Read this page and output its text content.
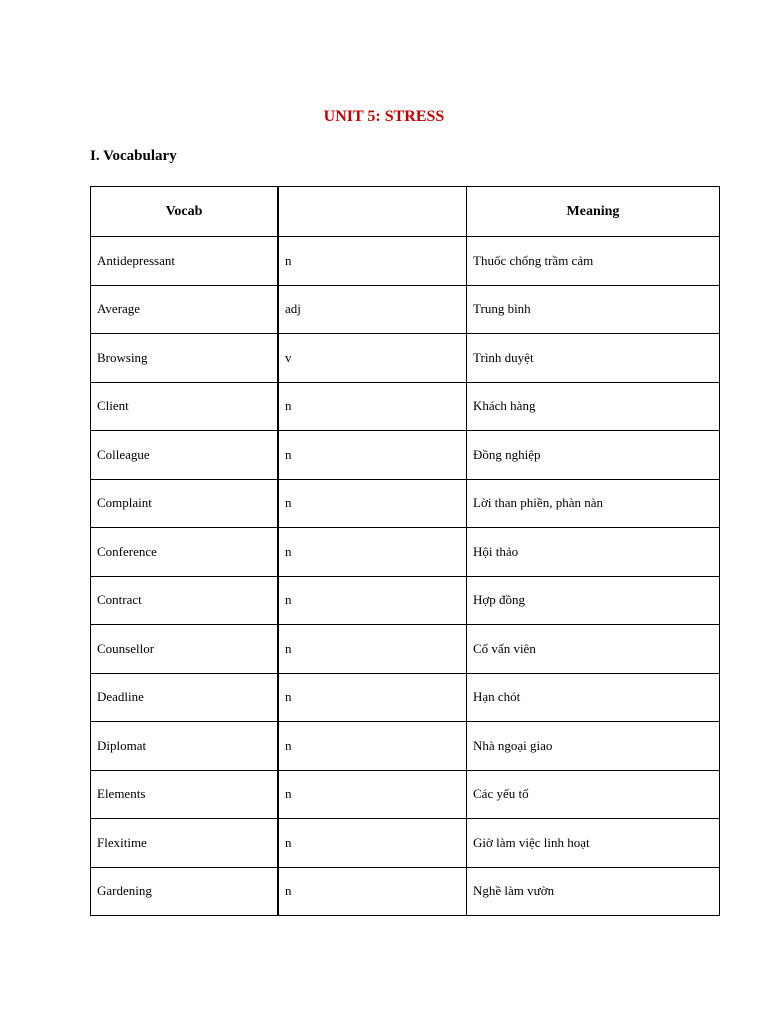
UNIT 5: STRESS
I. Vocabulary
Vocab		Meaning
Antidepressant	n	Thuốc chống trầm cảm
Average	adj	Trung bình
Browsing	v	Trình duyệt
Client	n	Khách hàng
Colleague	n	Đồng nghiệp
Complaint	n	Lời than phiền, phàn nàn
Conference	n	Hội thảo
Contract	n	Hợp đồng
Counsellor	n	Cố vấn viên
Deadline	n	Hạn chót
Diplomat	n	Nhà ngoại giao
Elements	n	Các yếu tố
Flexitime	n	Giờ làm việc linh hoạt
Gardening	n	Nghề làm vườn
